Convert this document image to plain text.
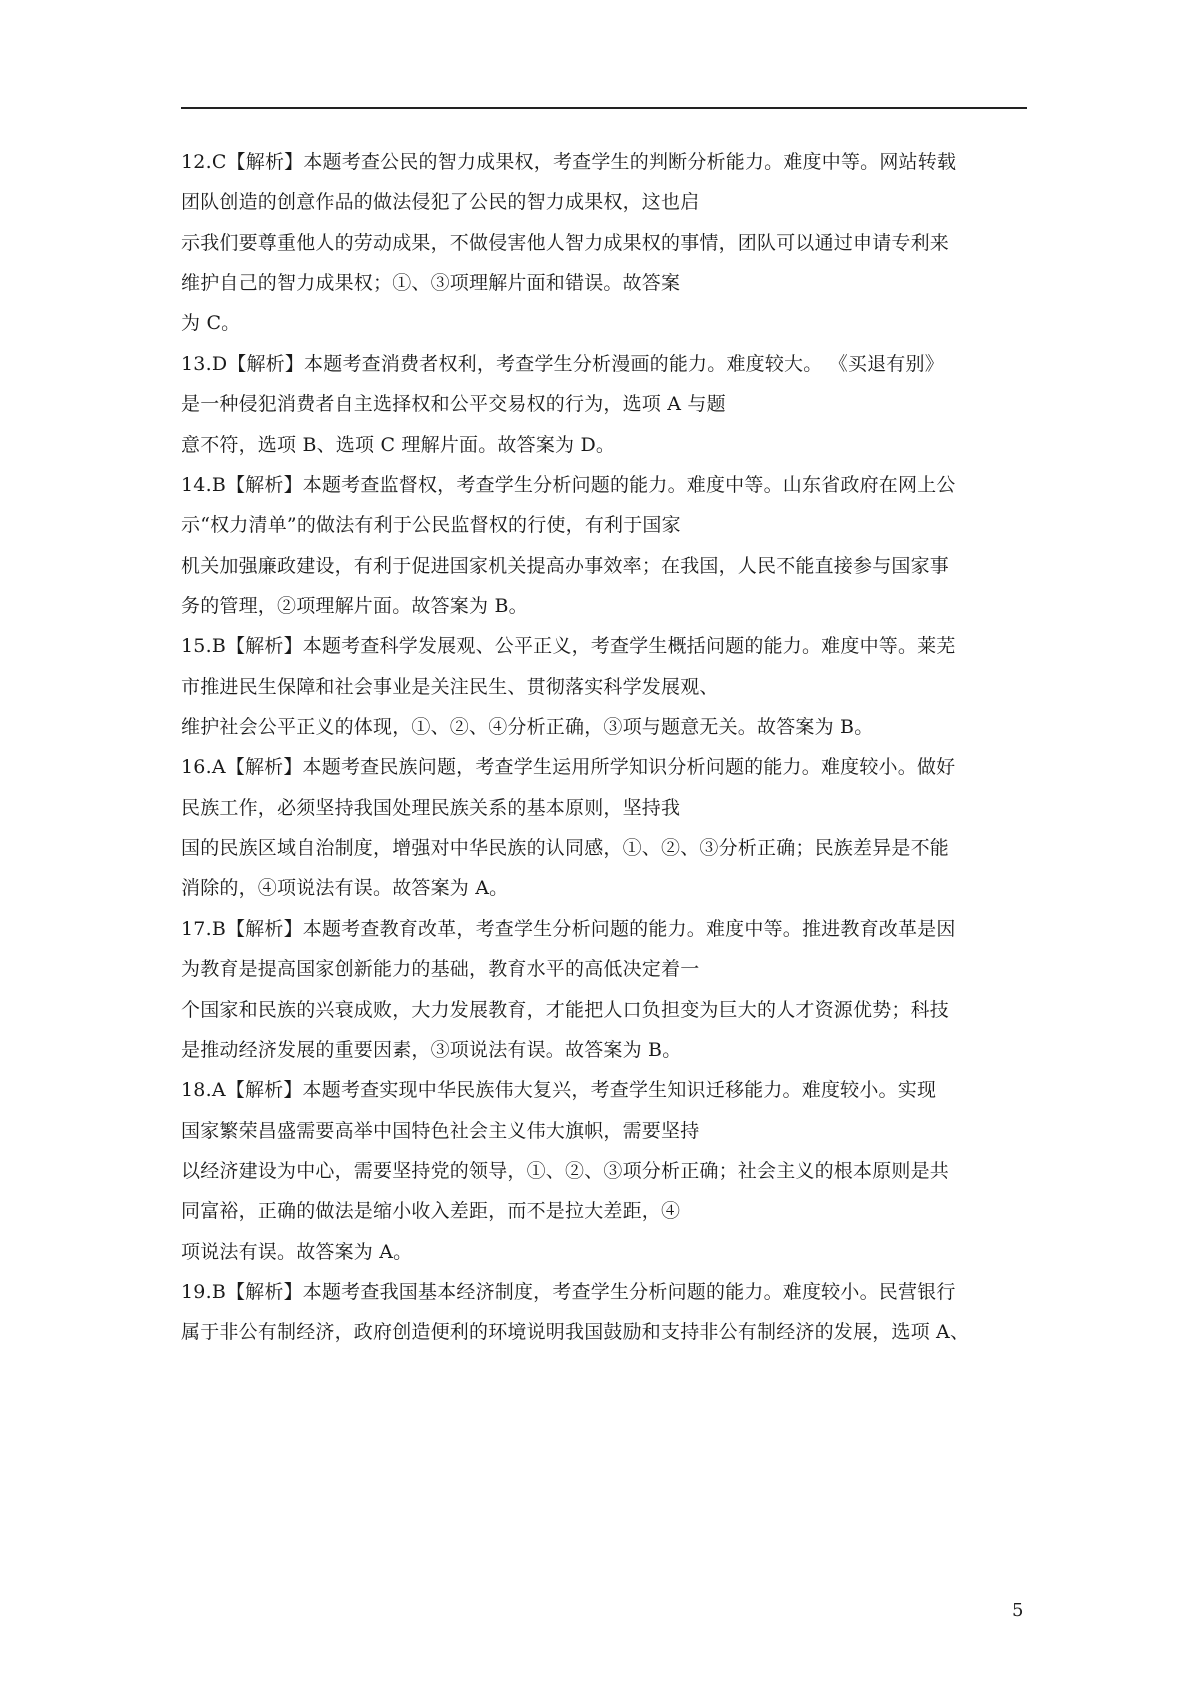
12.C【解析】本题考查公民的智力成果权，考查学生的判断分析能力。难度中等。网站转载
团队创造的创意作品的做法侵犯了公民的智力成果权，这也启
示我们要尊重他人的劳动成果，不做侵害他人智力成果权的事情，团队可以通过申请专利来
维护自己的智力成果权；①、③项理解片面和错误。故答案
为 C。
13.D【解析】本题考查消费者权利，考查学生分析漫画的能力。难度较大。 《买退有别》
是一种侵犯消费者自主选择权和公平交易权的行为，选项 A 与题
意不符，选项 B、选项 C 理解片面。故答案为 D。
14.B【解析】本题考查监督权，考查学生分析问题的能力。难度中等。山东省政府在网上公
示“权力清单”的做法有利于公民监督权的行使，有利于国家
机关加强廉政建设，有利于促进国家机关提高办事效率；在我国，人民不能直接参与国家事
务的管理，②项理解片面。故答案为 B。
15.B【解析】本题考查科学发展观、公平正义，考查学生概括问题的能力。难度中等。莱芜
市推进民生保障和社会事业是关注民生、贯彻落实科学发展观、
维护社会公平正义的体现，①、②、④分析正确，③项与题意无关。故答案为 B。
16.A【解析】本题考查民族问题，考查学生运用所学知识分析问题的能力。难度较小。做好
民族工作，必须坚持我国处理民族关系的基本原则，坚持我
国的民族区域自治制度，增强对中华民族的认同感，①、②、③分析正确；民族差异是不能
消除的，④项说法有误。故答案为 A。
17.B【解析】本题考查教育改革，考查学生分析问题的能力。难度中等。推进教育改革是因
为教育是提高国家创新能力的基础，教育水平的高低决定着一
个国家和民族的兴衰成败，大力发展教育，才能把人口负担变为巨大的人才资源优势；科技
是推动经济发展的重要因素，③项说法有误。故答案为 B。
18.A【解析】本题考查实现中华民族伟大复兴，考查学生知识迁移能力。难度较小。实现
国家繁荣昌盛需要高举中国特色社会主义伟大旗帜，需要坚持
以经济建设为中心，需要坚持党的领导，①、②、③项分析正确；社会主义的根本原则是共
同富裕，正确的做法是缩小收入差距，而不是拉大差距，④
项说法有误。故答案为 A。
19.B【解析】本题考查我国基本经济制度，考查学生分析问题的能力。难度较小。民营银行
属于非公有制经济，政府创造便利的环境说明我国鼓励和支持非公有制经济的发展，选项 A、
5
